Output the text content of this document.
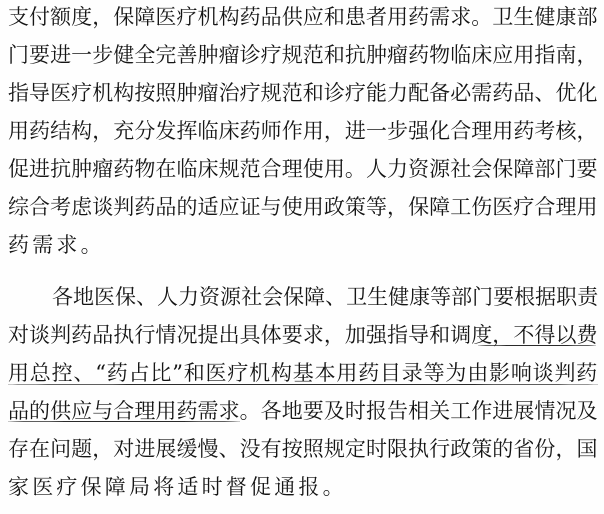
支付额度，保障医疗机构药品供应和患者用药需求。卫生健康部
门要进一步健全完善肿瘤诊疗规范和抗肿瘤药物临床应用指南，
指导医疗机构按照肿瘤治疗规范和诊疗能力配备必需药品、优化
用药结构，充分发挥临床药师作用，进一步强化合理用药考核，
促进抗肿瘤药物在临床规范合理使用。人力资源社会保障部门要
综合考虑谈判药品的适应证与使用政策等，保障工伤医疗合理用
药需求。
各地医保、人力资源社会保障、卫生健康等部门要根据职责
对谈判药品执行情况提出具体要求，加强指导和调度，不得以费
用总控、“药占比”和医疗机构基本用药目录等为由影响谈判药
品的供应与合理用药需求。各地要及时报告相关工作进展情况及
存在问题，对进展缓慢、没有按照规定时限执行政策的省份，国
家医疗保障局将适时督促通报。
